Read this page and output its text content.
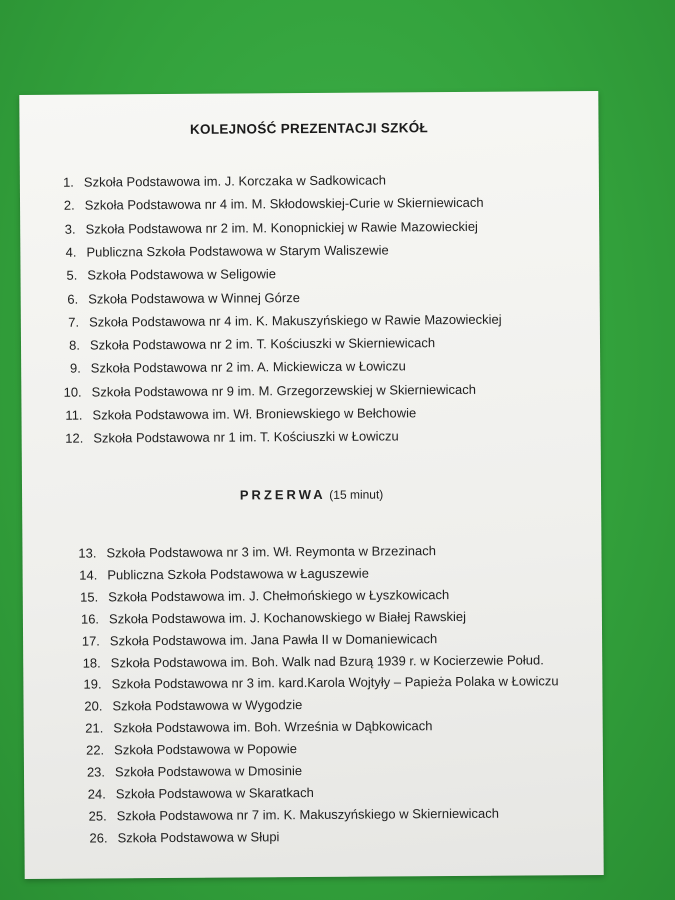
KOLEJNOŚĆ PREZENTACJI SZKÓŁ
1. Szkoła Podstawowa im. J. Korczaka w Sadkowicach
2. Szkoła Podstawowa nr 4 im. M. Skłodowskiej-Curie w Skierniewicach
3. Szkoła Podstawowa nr 2 im. M. Konopnickiej w Rawie Mazowieckiej
4. Publiczna Szkoła Podstawowa w Starym Waliszewie
5. Szkoła Podstawowa w Seligowie
6. Szkoła Podstawowa w Winnej Górze
7. Szkoła Podstawowa nr 4 im. K. Makuszyńskiego w Rawie Mazowieckiej
8. Szkoła Podstawowa nr 2 im. T. Kościuszki w Skierniewicach
9. Szkoła Podstawowa nr 2 im. A. Mickiewicza w Łowiczu
10. Szkoła Podstawowa nr 9 im. M. Grzegorzewskiej w Skierniewicach
11. Szkoła Podstawowa im. Wł. Broniewskiego w Bełchowie
12. Szkoła Podstawowa nr 1 im. T. Kościuszki w Łowiczu
PRZERWA (15 minut)
13. Szkoła Podstawowa nr 3 im. Wł. Reymonta w Brzezinach
14. Publiczna Szkoła Podstawowa w Łaguszewie
15. Szkoła Podstawowa im. J. Chełmońskiego w Łyszkowicach
16. Szkoła Podstawowa im. J. Kochanowskiego w Białej Rawskiej
17. Szkoła Podstawowa im. Jana Pawła II w Domaniewicach
18. Szkoła Podstawowa im. Boh. Walk nad Bzurą 1939 r. w Kocierzewie Połud.
19. Szkoła Podstawowa nr 3 im. kard.Karola Wojtyły – Papieża Polaka w Łowiczu
20. Szkoła Podstawowa w Wygodzie
21. Szkoła Podstawowa im. Boh. Września w Dąbkowicach
22. Szkoła Podstawowa w Popowie
23. Szkoła Podstawowa w Dmosinie
24. Szkoła Podstawowa w Skaratkach
25. Szkoła Podstawowa nr 7 im. K. Makuszyńskiego w Skierniewicach
26. Szkoła Podstawowa w Słupi
